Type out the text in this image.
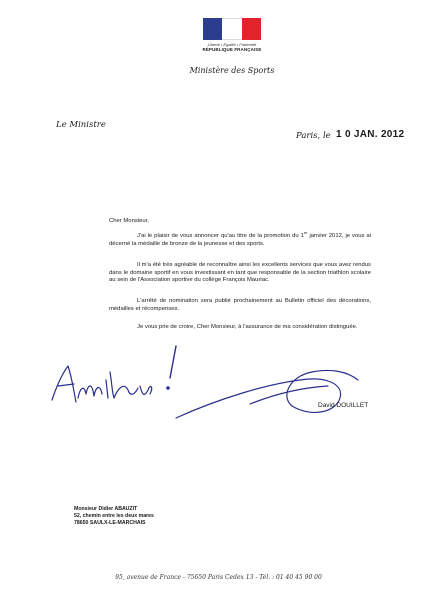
Liberté • Égalité • Fraternité
RÉPUBLIQUE FRANÇAISE
Ministère des Sports
Le Ministre
Paris, le 1 0 JAN. 2012
Cher Monsieur,
J'ai le plaisir de vous annoncer qu'au titre de la promotion du 1er janvier 2012, je vous ai décerné la médaille de bronze de la jeunesse et des sports.
Il m'a été très agréable de reconnaître ainsi les excellents services que vous avez rendus dans le domaine sportif en vous investissant en tant que responsable de la section triathlon scolaire au sein de l'Association sportive du collège François Mauriac.
L'arrêté de nomination sera publié prochainement au Bulletin officiel des décorations, médailles et récompenses.
Je vous prie de croire, Cher Monsieur, à l'assurance de ma considération distinguée.
David DOUILLET
Monsieur Didier ABAUZIT
52, chemin entre les deux mares
78650 SAULX-LE-MARCHAIS
95, avenue de France - 75650 Paris Cedex 13 - Tél. : 01 40 45 90 00
